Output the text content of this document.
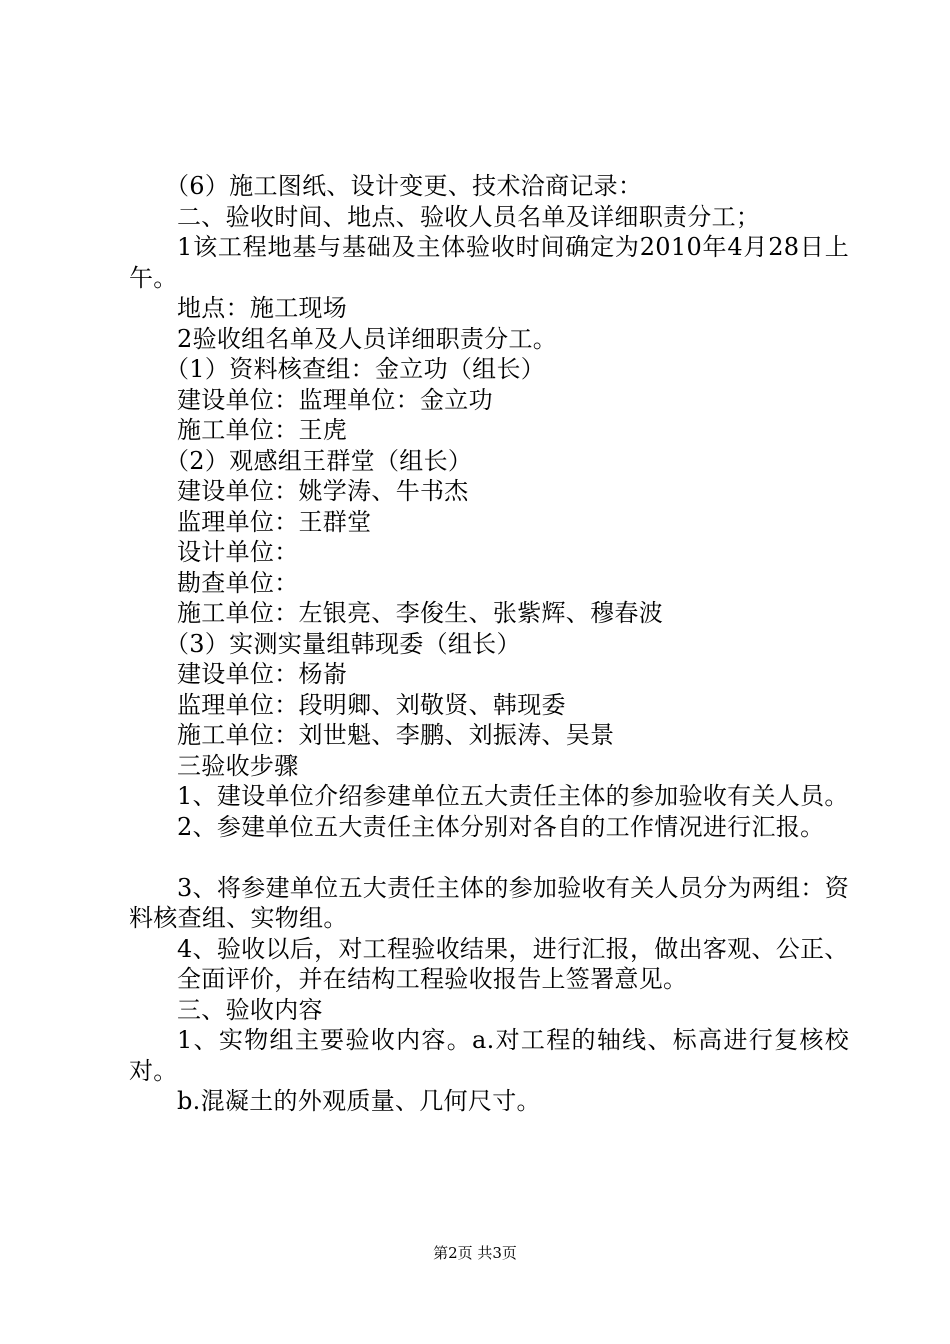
（6）施工图纸、设计变更、技术洽商记录：

二、验收时间、地点、验收人员名单及详细职责分工；

1该工程地基与基础及主体验收时间确定为2010年4月28日上午。

地点：施工现场

2验收组名单及人员详细职责分工。

（1）资料核查组：金立功（组长）

建设单位：监理单位：金立功

施工单位：王虎

（2）观感组王群堂（组长）

建设单位：姚学涛、牛书杰

监理单位：王群堂

设计单位：

勘查单位：

施工单位：左银亮、李俊生、张紫辉、穆春波

（3）实测实量组韩现委（组长）

建设单位：杨嵛

监理单位：段明卿、刘敬贤、韩现委

施工单位：刘世魁、李鹏、刘振涛、吴景

三验收步骤

1、建设单位介绍参建单位五大责任主体的参加验收有关人员。

2、参建单位五大责任主体分别对各自的工作情况进行汇报。

3、将参建单位五大责任主体的参加验收有关人员分为两组：资料核查组、实物组。

4、验收以后，对工程验收结果，进行汇报，做出客观、公正、

全面评价，并在结构工程验收报告上签署意见。

三、验收内容

1、实物组主要验收内容。a.对工程的轴线、标高进行复核校对。

b.混凝土的外观质量、几何尺寸。

第2页 共3页
